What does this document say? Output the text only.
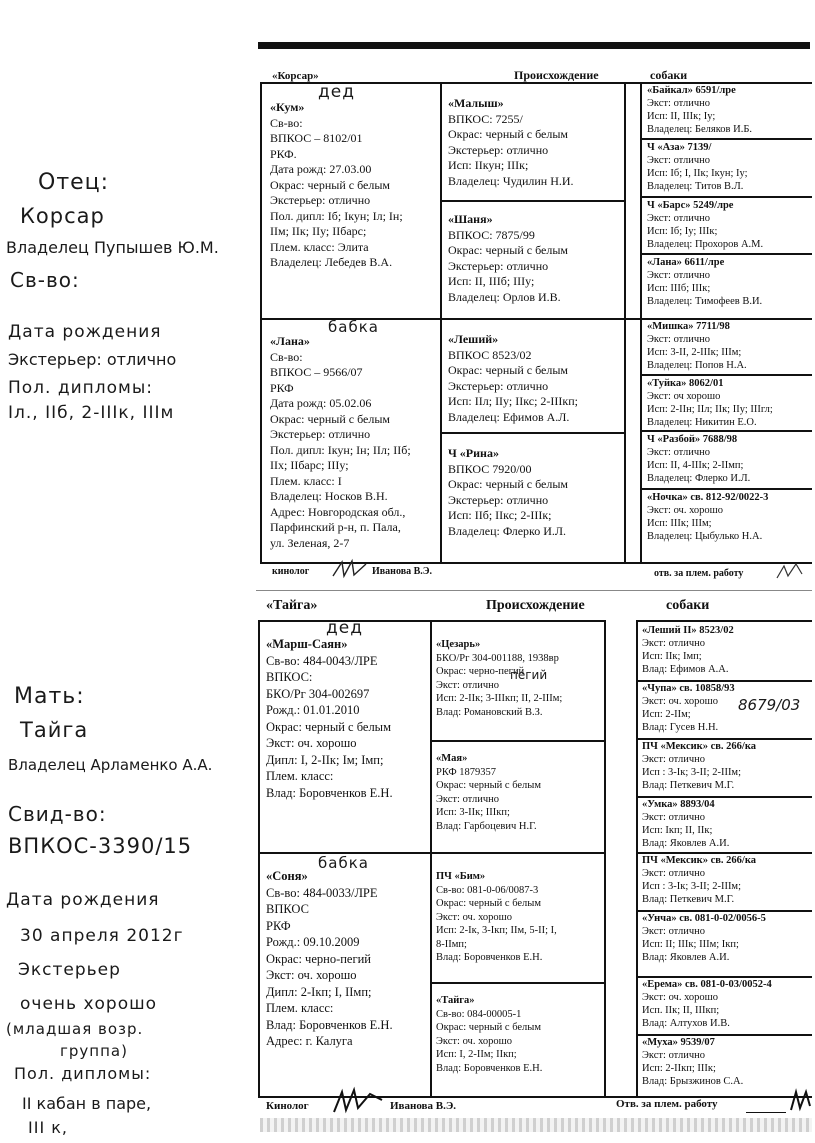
Отец:
Корсар
Владелец Пупышев Ю.М.
Св-во:
Дата рождения
Экстерьер: отлично
Пол. дипломы:
Iл., IIб, 2-IIIк, IIIм
Мать:
Тайга
Владелец Арламенко А.А.
Свид-во:
ВПКОС-3390/15
Дата рождения
30 апреля 2012г
Экстерьер
очень хорошо
(младшая возр.
группа)
Пол. дипломы:
II кабан в паре,
III к,
«Корсар»	Происхождение	собаки
дед
«Кум»
Св-во:
ВПКОС – 8102/01
РКФ.
Дата рожд: 27.03.00
Окрас: черный с белым
Экстерьер: отлично
Пол. дипл: Iб; Iкун; Iл; Iн;
IIм; IIк; IIу; IIбарс;
Плем. класс: Элита
Владелец: Лебедев В.А.
бабка
«Лана»
Св-во:
ВПКОС – 9566/07
РКФ
Дата рожд: 05.02.06
Окрас: черный с белым
Экстерьер: отлично
Пол. дипл: Iкун; Iн; IIл; IIб;
IIх; IIбарс; IIIу;
Плем. класс: I
Владелец: Носков В.Н.
Адрес: Новгородская обл.,
Парфинский р-н, п. Пала,
ул. Зеленая, 2-7
«Малыш»
ВПКОС: 7255/
Окрас: черный с белым
Экстерьер: отлично
Исп: IIкун; IIIк;
Владелец: Чудилин Н.И.
«Шаня»
ВПКОС: 7875/99
Окрас: черный с белым
Экстерьер: отлично
Исп: II, IIIб; IIIу;
Владелец: Орлов И.В.
«Леший»
ВПКОС 8523/02
Окрас: черный с белым
Экстерьер: отлично
Исп: IIл; IIу; IIкс; 2-IIIкп;
Владелец: Ефимов А.Л.
Ч «Рина»
ВПКОС 7920/00
Окрас: черный с белым
Экстерьер: отлично
Исп: IIб; IIкс; 2-IIIк;
Владелец: Флерко И.Л.
«Байкал» 6591/лре
Экст: отлично
Исп: II, IIIк; Iу;
Владелец: Беляков И.Б.
Ч «Аза» 7139/
Экст: отлично
Исп: Iб; I, IIк; Iкун; Iу;
Владелец: Титов В.Л.
Ч «Барс» 5249/лре
Экст: отлично
Исп: Iб; Iу; IIIк;
Владелец: Прохоров А.М.
«Лана» 6611/лре
Экст: отлично
Исп: IIIб; IIIк;
Владелец: Тимофеев В.И.
«Мишка» 7711/98
Экст: отлично
Исп: 3-II, 2-IIIк; IIIм;
Владелец: Попов Н.А.
«Туйка» 8062/01
Экст: оч хорошо
Исп: 2-IIн; IIл; IIк; IIу; IIIгл;
Владелец: Никитин Е.О.
Ч «Разбой» 7688/98
Экст: отлично
Исп: II, 4-IIIк; 2-IIмп;
Владелец: Флерко И.Л.
«Ночка» св. 812-92/0022-3
Экст: оч. хорошо
Исп: IIIк; IIIм;
Владелец: Цыбулько Н.А.
кинолог	Иванова В.Э.	отв. за плем. работу
«Тайга»	Происхождение	собаки
дед
«Марш-Саян»
Св-во: 484-0043/ЛРЕ
ВПКОС:
БКО/Рг 304-002697
Рожд.: 01.01.2010
Окрас: черный с белым
Экст: оч. хорошо
Дипл: I, 2-IIк; Iм; Iмп;
Плем. класс:
Влад: Боровченков Е.Н.
бабка
«Соня»
Св-во: 484-0033/ЛРЕ
ВПКОС
РКФ
Рожд.: 09.10.2009
Окрас: черно-пегий
Экст: оч. хорошо
Дипл: 2-Iкп; I, IIмп;
Плем. класс:
Влад: Боровченков Е.Н.
Адрес: г. Калуга
«Цезарь»
БКО/Рг 304-001188, 1938вр
Окрас: черно-пегий
Экст: отлично
Исп: 2-IIк; 3-IIIкп; II, 2-IIIм;
Влад: Романовский В.З.
«Мая»
РКФ 1879357
Окрас: черный с белым
Экст: отлично
Исп: 3-IIк; IIIкп;
Влад: Гарбоцевич Н.Г.
ПЧ «Бим»
Св-во: 081-0-06/0087-3
Окрас: черный с белым
Экст: оч. хорошо
Исп: 2-Iк, 3-Iкп; IIм, 5-II; I,
8-IIмп;
Влад: Боровченков Е.Н.
«Тайга»
Св-во: 084-00005-1
Окрас: черный с белым
Экст: оч. хорошо
Исп: I, 2-IIм; IIкп;
Влад: Боровченков Е.Н.
пегий
«Леший II» 8523/02
Экст: отлично
Исп: IIк; Iмп;
Влад: Ефимов А.А.
«Чупа» св. 10858/93
Экст: оч. хорошо
Исп: 2-IIм;
Влад: Гусев Н.Н.
ПЧ «Мексик» св. 266/ка
Экст: отлично
Исп : 3-Iк; 3-II; 2-IIIм;
Влад: Петкевич М.Г.
«Умка» 8893/04
Экст: отлично
Исп: Iкп; II, IIк;
Влад: Яковлев А.И.
ПЧ «Мексик» св. 266/ка
Экст: отлично
Исп : 3-Iк; 3-II; 2-IIIм;
Влад: Петкевич М.Г.
«Унча» св. 081-0-02/0056-5
Экст: отлично
Исп: II; IIIк; IIIм; Iкп;
Влад: Яковлев А.И.
«Ерема» св. 081-0-03/0052-4
Экст: оч. хорошо
Исп. IIк; II, IIIкп;
Влад: Алтухов И.В.
«Муха» 9539/07
Экст: отлично
Исп: 2-IIкп; IIIк;
Влад: Брызжинов С.А.
8679/03
Кинолог	Иванова В.Э.	Отв. за плем. работу
